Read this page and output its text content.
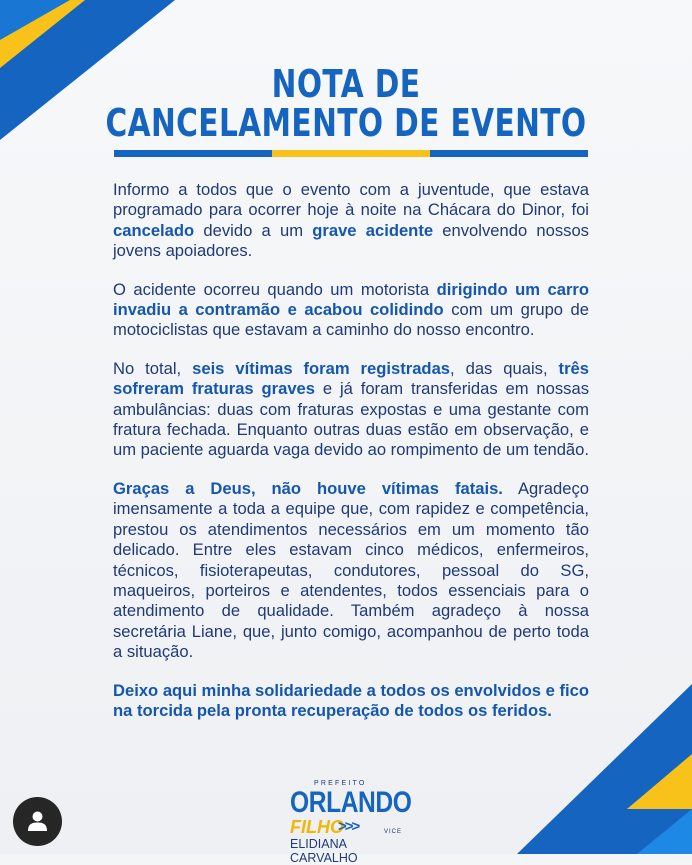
NOTA DE
CANCELAMENTO DE EVENTO

Informo a todos que o evento com a juventude, que estava programado para ocorrer hoje à noite na Chácara do Dinor, foi cancelado devido a um grave acidente envolvendo nossos jovens apoiadores.

O acidente ocorreu quando um motorista dirigindo um carro invadiu a contramão e acabou colidindo com um grupo de motociclistas que estavam a caminho do nosso encontro.

No total, seis vítimas foram registradas, das quais, três sofreram fraturas graves e já foram transferidas em nossas ambulâncias: duas com fraturas expostas e uma gestante com fratura fechada. Enquanto outras duas estão em observação, e um paciente aguarda vaga devido ao rompimento de um tendão.

Graças a Deus, não houve vítimas fatais. Agradeço imensamente a toda a equipe que, com rapidez e competência, prestou os atendimentos necessários em um momento tão delicado. Entre eles estavam cinco médicos, enfermeiros, técnicos, fisioterapeutas, condutores, pessoal do SG, maqueiros, porteiros e atendentes, todos essenciais para o atendimento de qualidade. Também agradeço à nossa secretária Liane, que, junto comigo, acompanhou de perto toda a situação.

Deixo aqui minha solidariedade a todos os envolvidos e fico na torcida pela pronta recuperação de todos os feridos.

PREFEITO
ORLANDO
FILHO
>>>	VICE
ELIDIANA CARVALHO
